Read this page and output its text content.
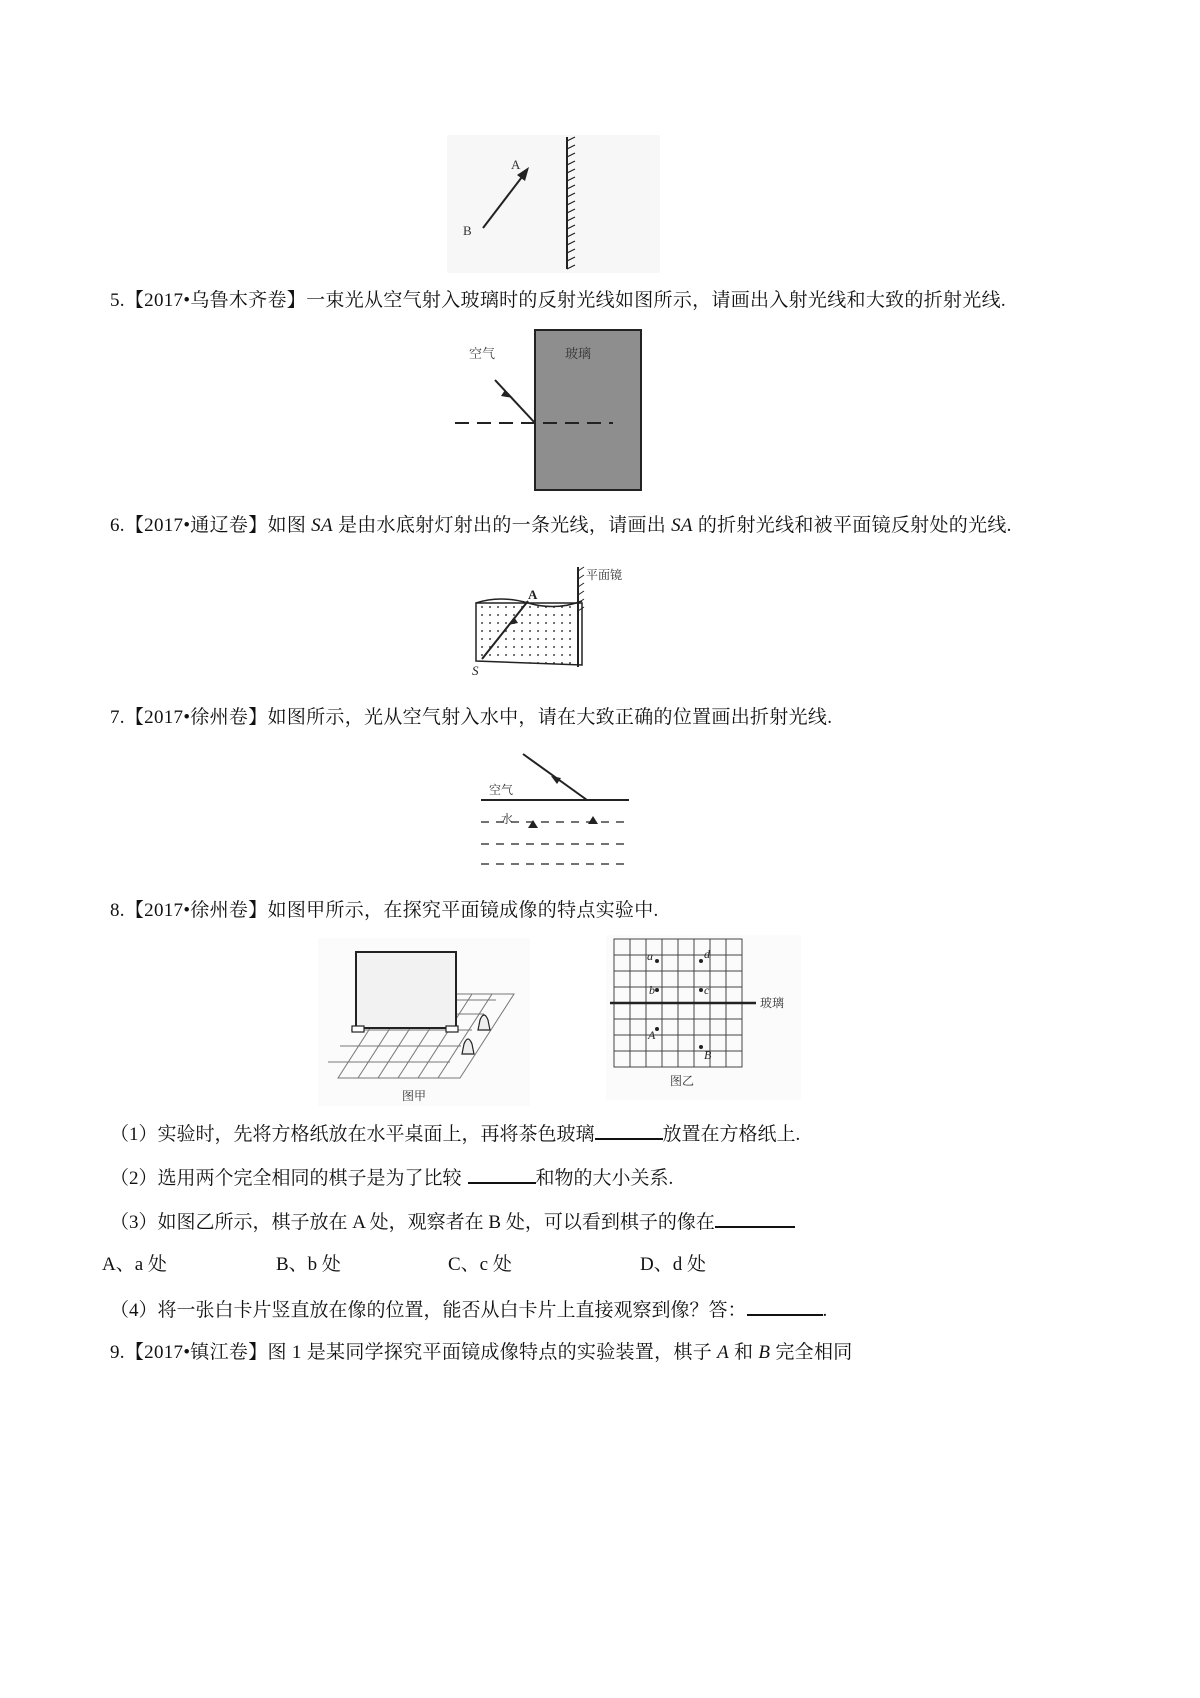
A
B
5.【2017•乌鲁木齐卷】一束光从空气射入玻璃时的反射光线如图所示，请画出入射光线和大致的折射光线.
空气	玻璃
6.【2017•通辽卷】如图 SA 是由水底射灯射出的一条光线，请画出 SA 的折射光线和被平面镜反射处的光线.
A
S
平面镜
7.【2017•徐州卷】如图所示，光从空气射入水中，请在大致正确的位置画出折射光线.
空气
水
8.【2017•徐州卷】如图甲所示，在探究平面镜成像的特点实验中.
图甲
a	d
b	c
A
B
玻璃
图乙
（1）实验时，先将方格纸放在水平桌面上，再将茶色玻璃	放置在方格纸上.
（2）选用两个完全相同的棋子是为了比较	和物的大小关系.
（3）如图乙所示，棋子放在 A 处，观察者在 B 处，可以看到棋子的像在
A、a 处	B、b 处	C、c 处	D、d 处
（4）将一张白卡片竖直放在像的位置，能否从白卡片上直接观察到像？答：	.
9.【2017•镇江卷】图 1 是某同学探究平面镜成像特点的实验装置，棋子 A 和 B 完全相同
